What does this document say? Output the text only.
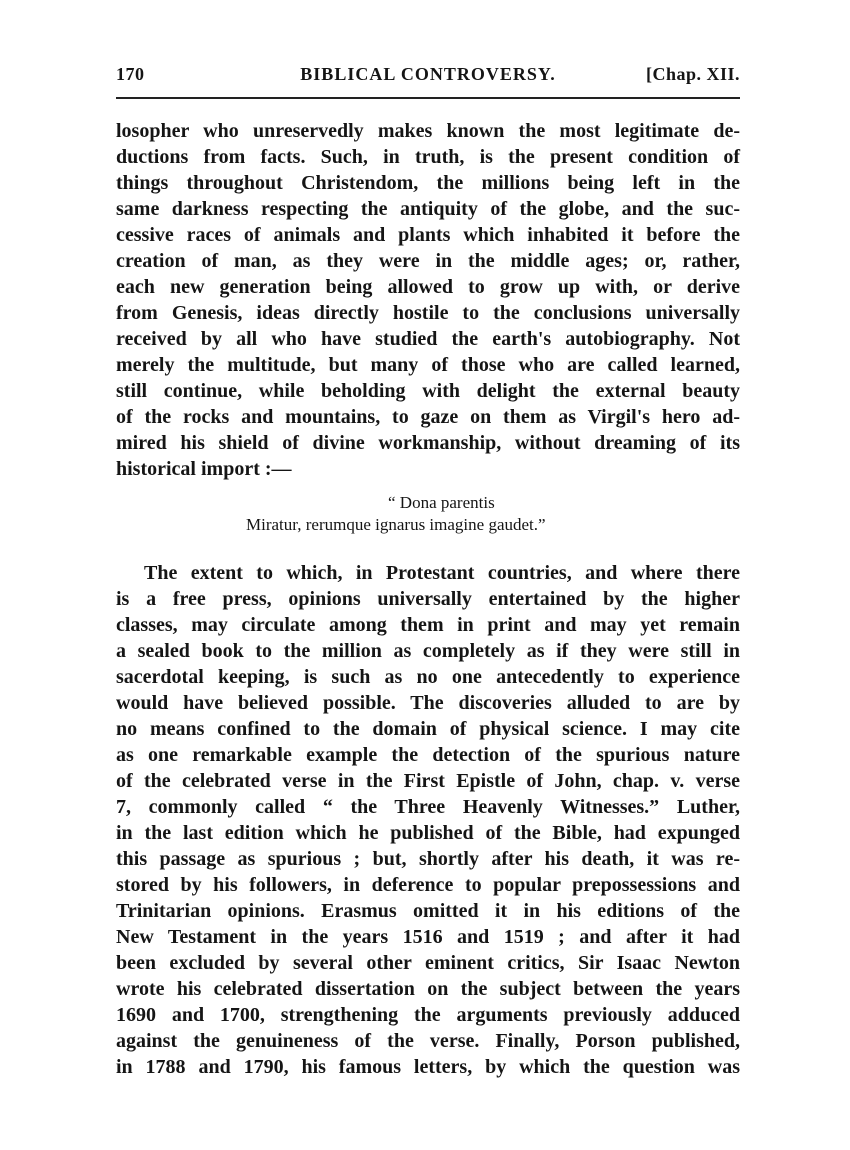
170	BIBLICAL CONTROVERSY.	[Chap. XII.
losopher who unreservedly makes known the most legitimate de-
ductions from facts. Such, in truth, is the present condition of
things throughout Christendom, the millions being left in the
same darkness respecting the antiquity of the globe, and the suc-
cessive races of animals and plants which inhabited it before the
creation of man, as they were in the middle ages; or, rather,
each new generation being allowed to grow up with, or derive
from Genesis, ideas directly hostile to the conclusions universally
received by all who have studied the earth's autobiography. Not
merely the multitude, but many of those who are called learned,
still continue, while beholding with delight the external beauty
of the rocks and mountains, to gaze on them as Virgil's hero ad-
mired his shield of divine workmanship, without dreaming of its
historical import :—
“ Dona parentis
Miratur, rerumque ignarus imagine gaudet.”
The extent to which, in Protestant countries, and where there
is a free press, opinions universally entertained by the higher
classes, may circulate among them in print and may yet remain
a sealed book to the million as completely as if they were still in
sacerdotal keeping, is such as no one antecedently to experience
would have believed possible. The discoveries alluded to are by
no means confined to the domain of physical science. I may cite
as one remarkable example the detection of the spurious nature
of the celebrated verse in the First Epistle of John, chap. v. verse
7, commonly called “ the Three Heavenly Witnesses.” Luther,
in the last edition which he published of the Bible, had expunged
this passage as spurious ; but, shortly after his death, it was re-
stored by his followers, in deference to popular prepossessions and
Trinitarian opinions. Erasmus omitted it in his editions of the
New Testament in the years 1516 and 1519 ; and after it had
been excluded by several other eminent critics, Sir Isaac Newton
wrote his celebrated dissertation on the subject between the years
1690 and 1700, strengthening the arguments previously adduced
against the genuineness of the verse. Finally, Porson published,
in 1788 and 1790, his famous letters, by which the question was
